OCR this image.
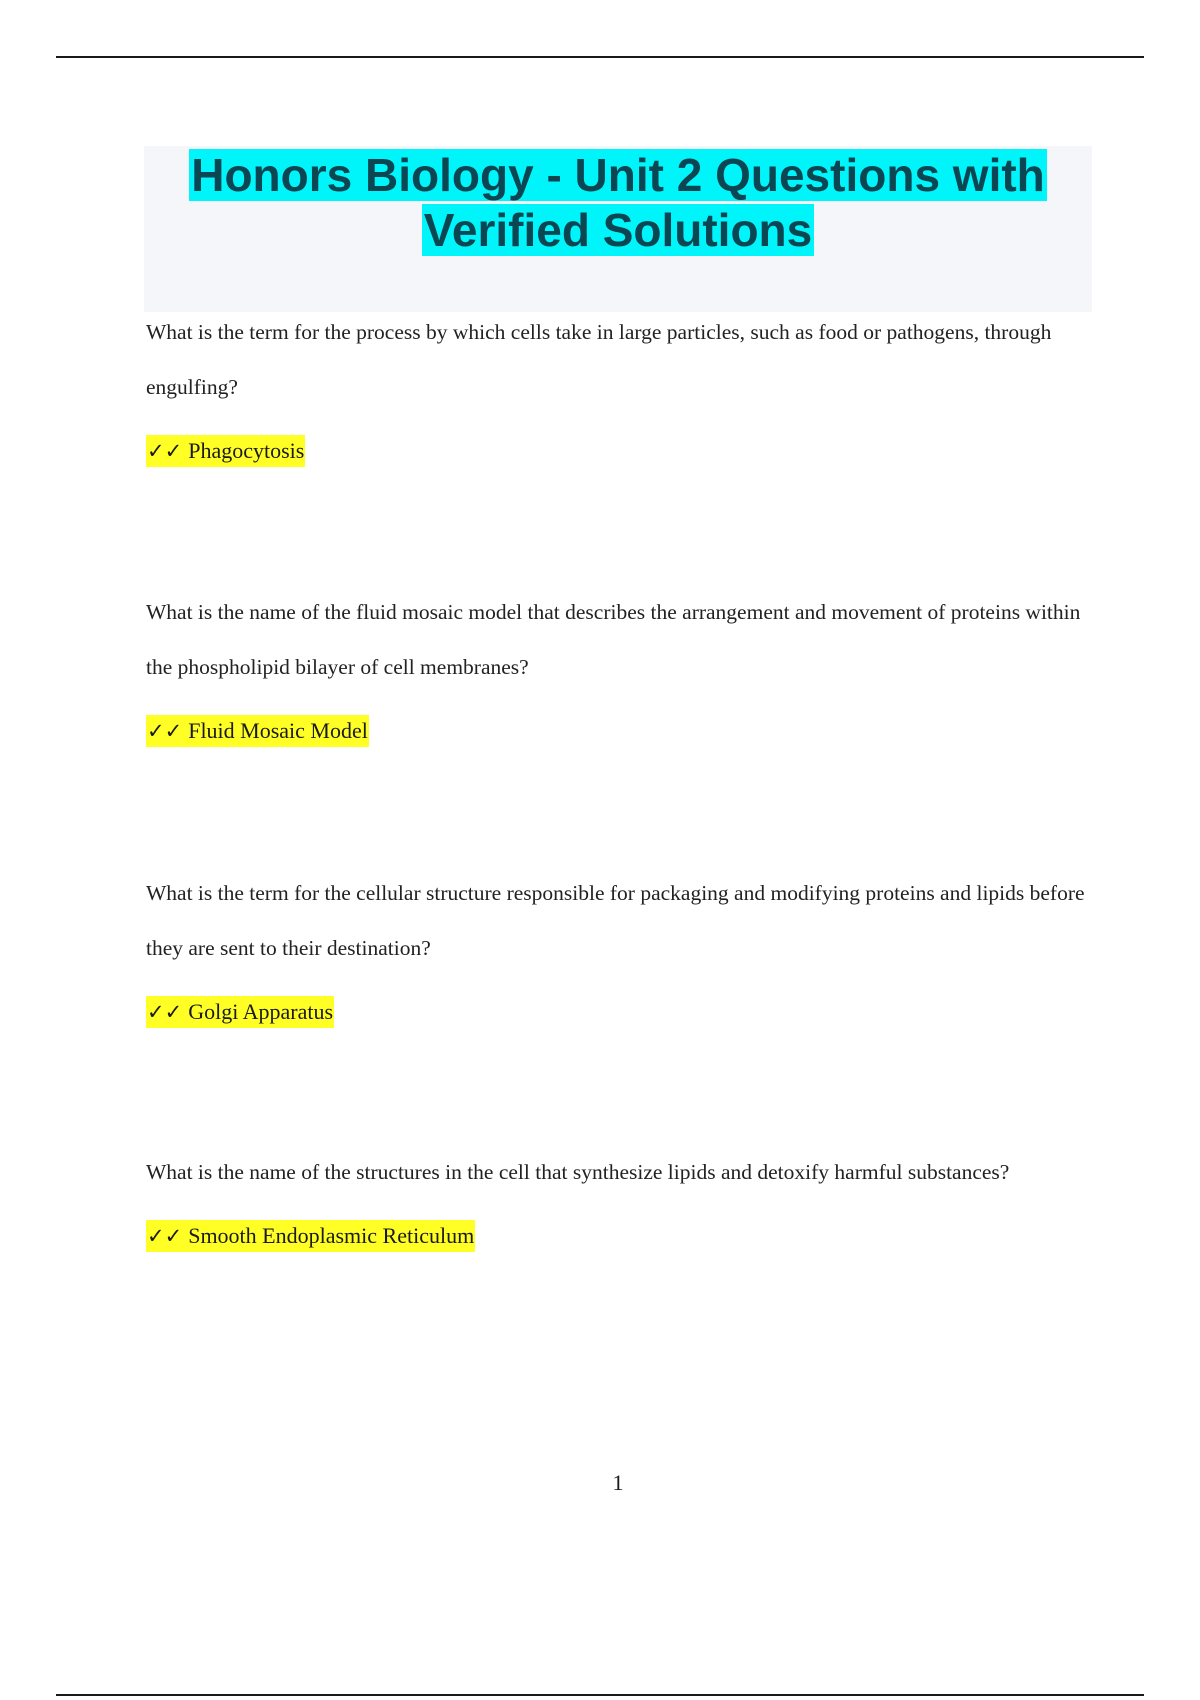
Honors Biology - Unit 2 Questions with
Verified Solutions

What is the term for the process by which cells take in large particles, such as food or pathogens, through engulfing?

✓✓ Phagocytosis

What is the name of the fluid mosaic model that describes the arrangement and movement of proteins within the phospholipid bilayer of cell membranes?

✓✓ Fluid Mosaic Model

What is the term for the cellular structure responsible for packaging and modifying proteins and lipids before they are sent to their destination?

✓✓ Golgi Apparatus

What is the name of the structures in the cell that synthesize lipids and detoxify harmful substances?

✓✓ Smooth Endoplasmic Reticulum
1
